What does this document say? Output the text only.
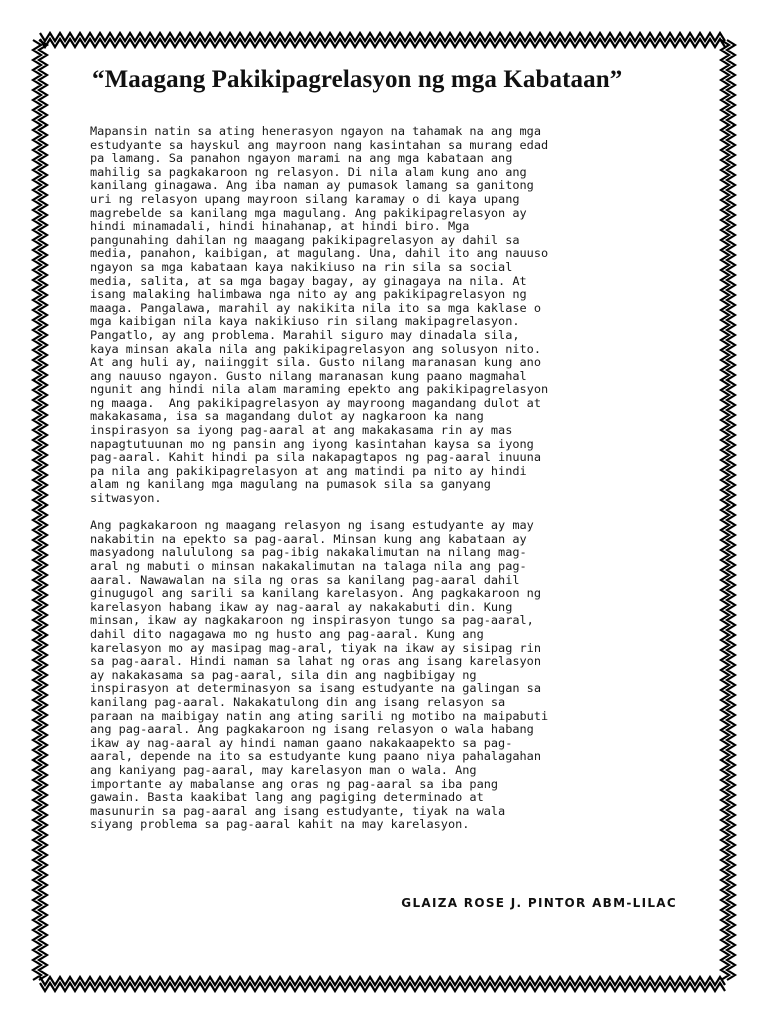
“Maagang Pakikipagrelasyon ng mga Kabataan”
Mapansin natin sa ating henerasyon ngayon na tahamak na ang mga
estudyante sa hayskul ang mayroon nang kasintahan sa murang edad
pa lamang. Sa panahon ngayon marami na ang mga kabataan ang
mahilig sa pagkakaroon ng relasyon. Di nila alam kung ano ang
kanilang ginagawa. Ang iba naman ay pumasok lamang sa ganitong
uri ng relasyon upang mayroon silang karamay o di kaya upang
magrebelde sa kanilang mga magulang. Ang pakikipagrelasyon ay
hindi minamadali, hindi hinahanap, at hindi biro. Mga
pangunahing dahilan ng maagang pakikipagrelasyon ay dahil sa
media, panahon, kaibigan, at magulang. Una, dahil ito ang nauuso
ngayon sa mga kabataan kaya nakikiuso na rin sila sa social
media, salita, at sa mga bagay bagay, ay ginagaya na nila. At
isang malaking halimbawa nga nito ay ang pakikipagrelasyon ng
maaga. Pangalawa, marahil ay nakikita nila ito sa mga kaklase o
mga kaibigan nila kaya nakikiuso rin silang makipagrelasyon.
Pangatlo, ay ang problema. Marahil siguro may dinadala sila,
kaya minsan akala nila ang pakikipagrelasyon ang solusyon nito.
At ang huli ay, naiinggit sila. Gusto nilang maranasan kung ano
ang nauuso ngayon. Gusto nilang maranasan kung paano magmahal
ngunit ang hindi nila alam maraming epekto ang pakikipagrelasyon
ng maaga.  Ang pakikipagrelasyon ay mayroong magandang dulot at
makakasama, isa sa magandang dulot ay nagkaroon ka nang
inspirasyon sa iyong pag-aaral at ang makakasama rin ay mas
napagtutuunan mo ng pansin ang iyong kasintahan kaysa sa iyong
pag-aaral. Kahit hindi pa sila nakapagtapos ng pag-aaral inuuna
pa nila ang pakikipagrelasyon at ang matindi pa nito ay hindi
alam ng kanilang mga magulang na pumasok sila sa ganyang
sitwasyon.
Ang pagkakaroon ng maagang relasyon ng isang estudyante ay may
nakabitin na epekto sa pag-aaral. Minsan kung ang kabataan ay
masyadong nalululong sa pag-ibig nakakalimutan na nilang mag-
aral ng mabuti o minsan nakakalimutan na talaga nila ang pag-
aaral. Nawawalan na sila ng oras sa kanilang pag-aaral dahil
ginugugol ang sarili sa kanilang karelasyon. Ang pagkakaroon ng
karelasyon habang ikaw ay nag-aaral ay nakakabuti din. Kung
minsan, ikaw ay nagkakaroon ng inspirasyon tungo sa pag-aaral,
dahil dito nagagawa mo ng husto ang pag-aaral. Kung ang
karelasyon mo ay masipag mag-aral, tiyak na ikaw ay sisipag rin
sa pag-aaral. Hindi naman sa lahat ng oras ang isang karelasyon
ay nakakasama sa pag-aaral, sila din ang nagbibigay ng
inspirasyon at determinasyon sa isang estudyante na galingan sa
kanilang pag-aaral. Nakakatulong din ang isang relasyon sa
paraan na maibigay natin ang ating sarili ng motibo na maipabuti
ang pag-aaral. Ang pagkakaroon ng isang relasyon o wala habang
ikaw ay nag-aaral ay hindi naman gaano nakakaapekto sa pag-
aaral, depende na ito sa estudyante kung paano niya pahalagahan
ang kaniyang pag-aaral, may karelasyon man o wala. Ang
importante ay mabalanse ang oras ng pag-aaral sa iba pang
gawain. Basta kaakibat lang ang pagiging determinado at
masunurin sa pag-aaral ang isang estudyante, tiyak na wala
siyang problema sa pag-aaral kahit na may karelasyon.

GLAIZA ROSE J. PINTOR ABM-LILAC
